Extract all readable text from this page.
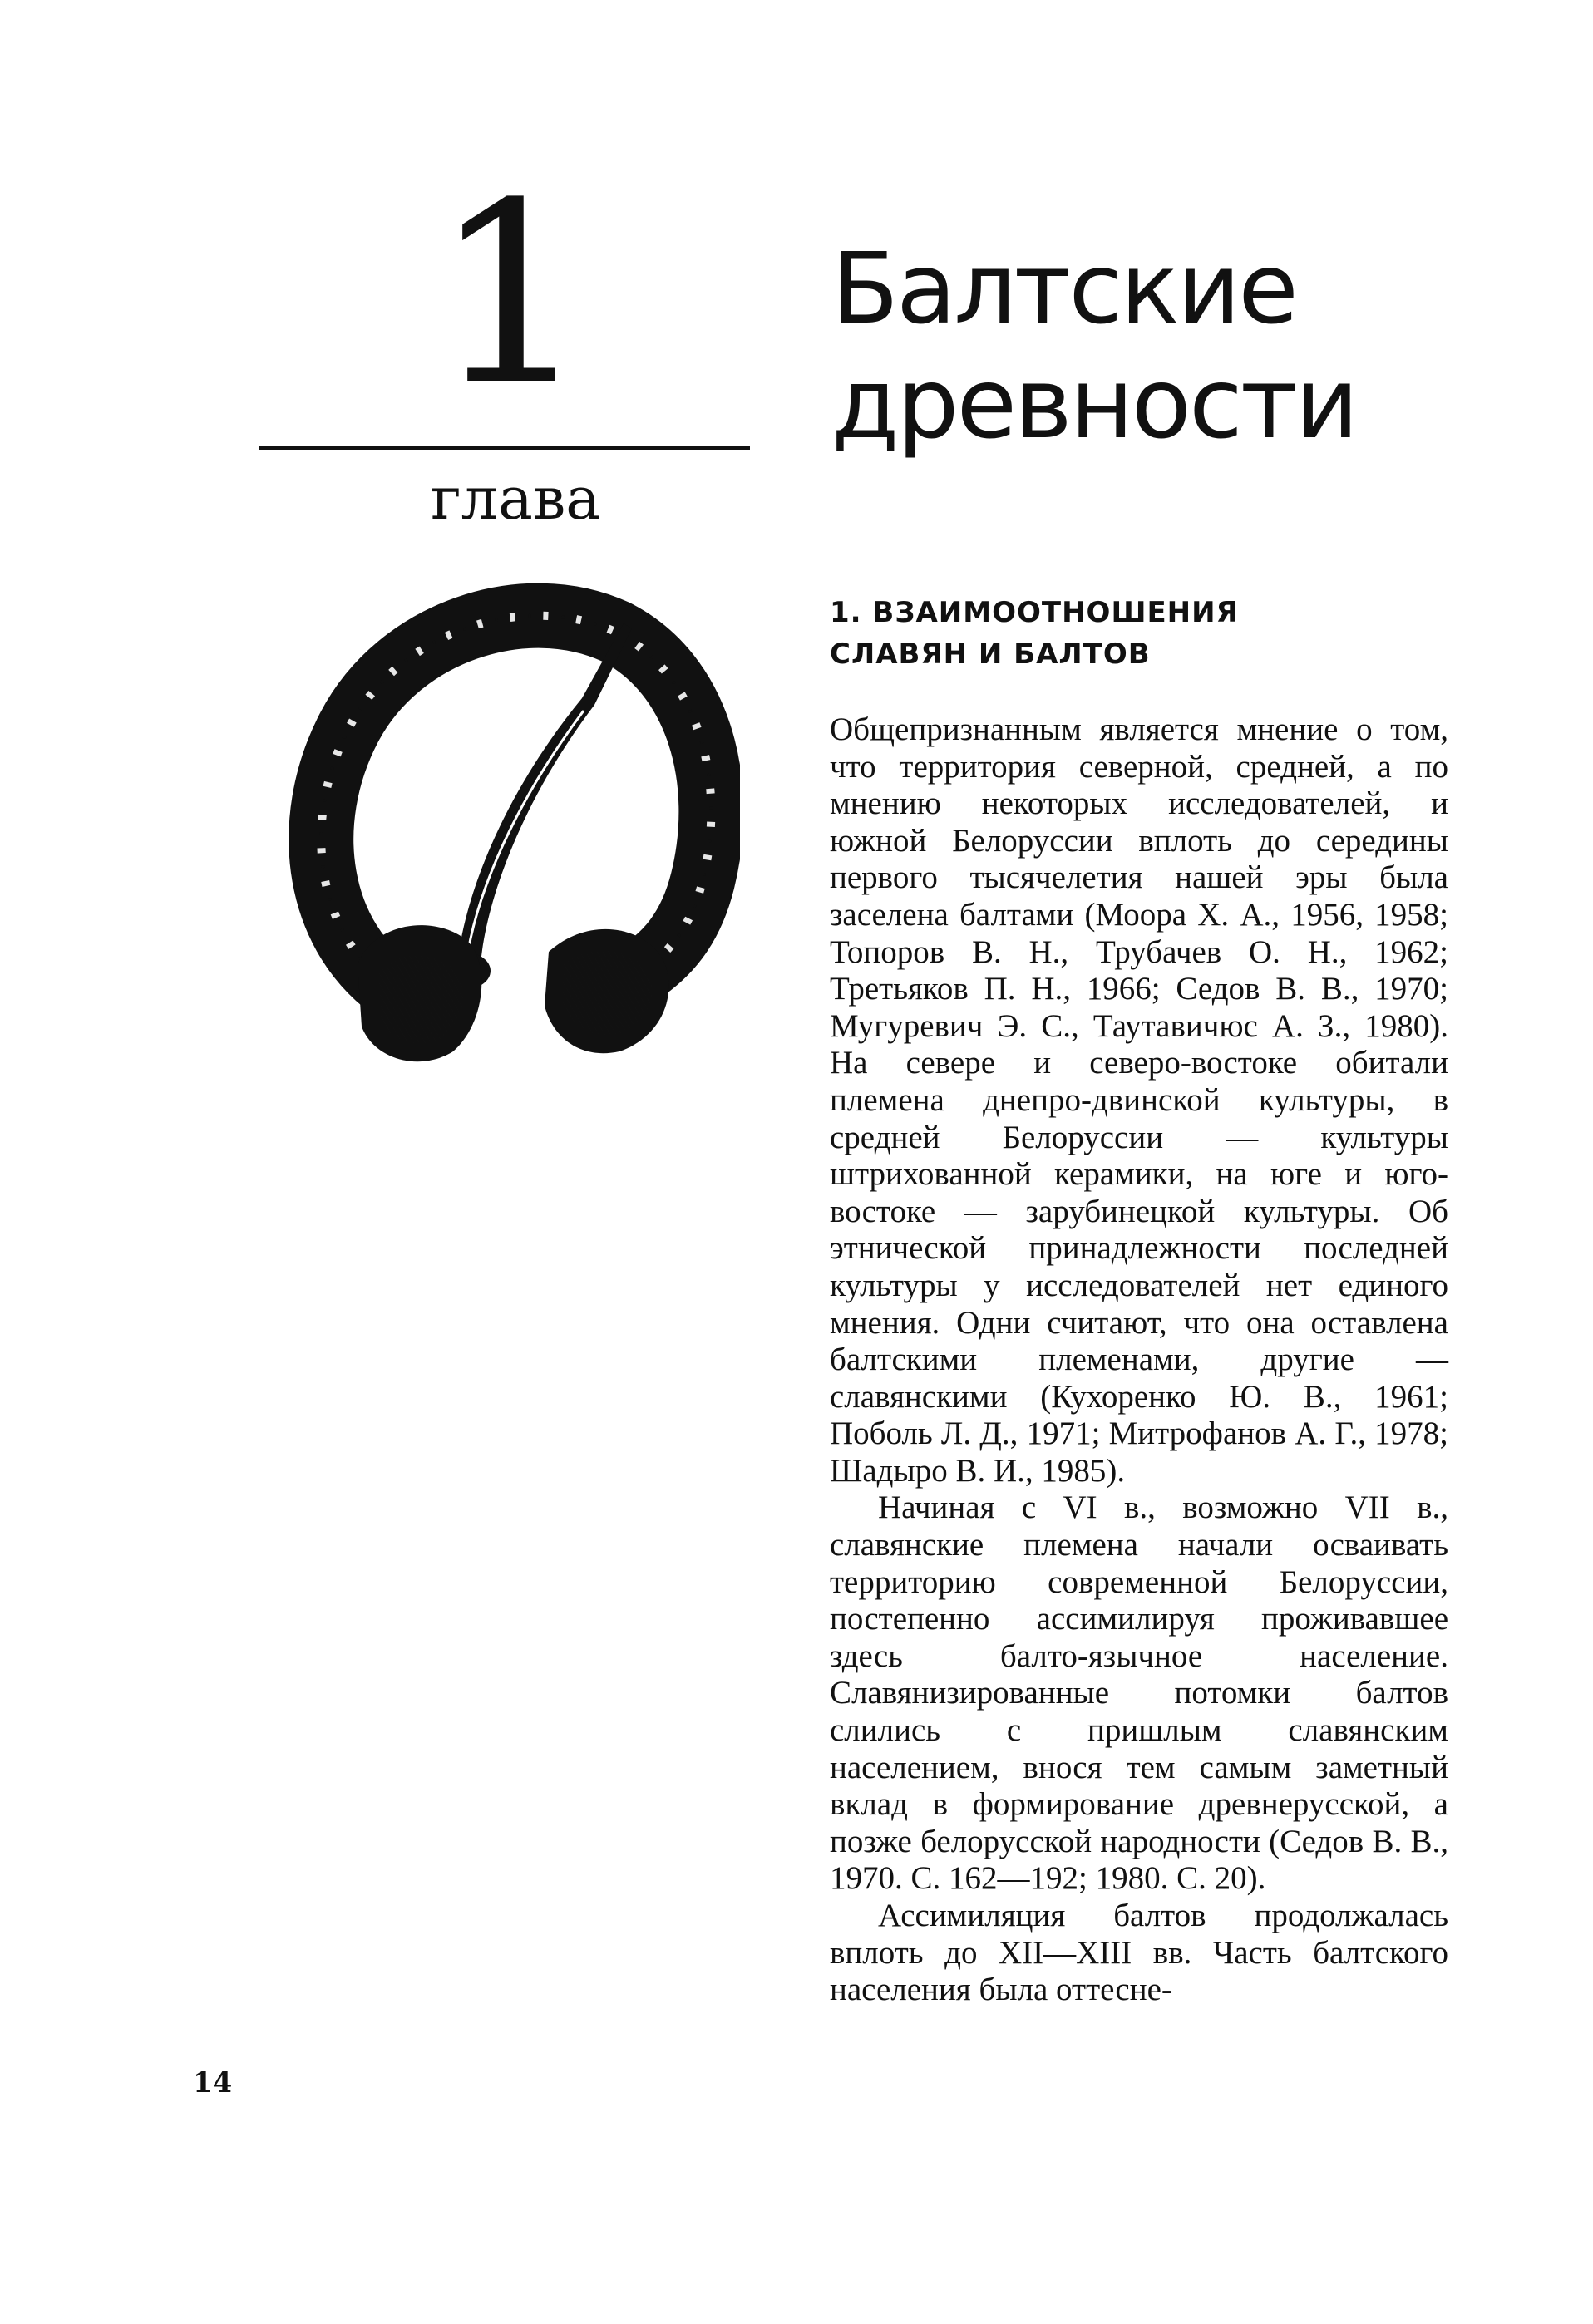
1
глава
Балтские
древности
1. ВЗАИМООТНОШЕНИЯ
СЛАВЯН И БАЛТОВ

Общепризнанным является мнение о том, что территория северной, средней, а по мнению некоторых исследователей, и южной Белоруссии вплоть до середины первого тысячелетия нашей эры была заселена балтами (Моора Х. А., 1956, 1958; Топоров В. Н., Трубачев О. Н., 1962; Третьяков П. Н., 1966; Седов В. В., 1970; Мугуревич Э. С., Таутавичюс А. З., 1980). На севере и северо-востоке обитали племена днепро-двинской культуры, в средней Белоруссии — культуры штрихованной керамики, на юге и юго-востоке — зарубинецкой культуры. Об этнической принадлежности последней культуры у исследователей нет единого мнения. Одни считают, что она оставлена балтскими племенами, другие — славянскими (Кухоренко Ю. В., 1961; Поболь Л. Д., 1971; Митрофанов А. Г., 1978; Шадыро В. И., 1985).

Начиная с VI в., возможно VII в., славянские племена начали осваивать территорию современной Белоруссии, постепенно ассимилируя проживавшее здесь балто-язычное население. Славянизированные потомки балтов слились с пришлым славянским населением, внося тем самым заметный вклад в формирование древнерусской, а позже белорусской народности (Седов В. В., 1970. С. 162—192; 1980. С. 20).

Ассимиляция балтов продолжалась вплоть до XII—XIII вв. Часть балтского населения была оттесне-

14
